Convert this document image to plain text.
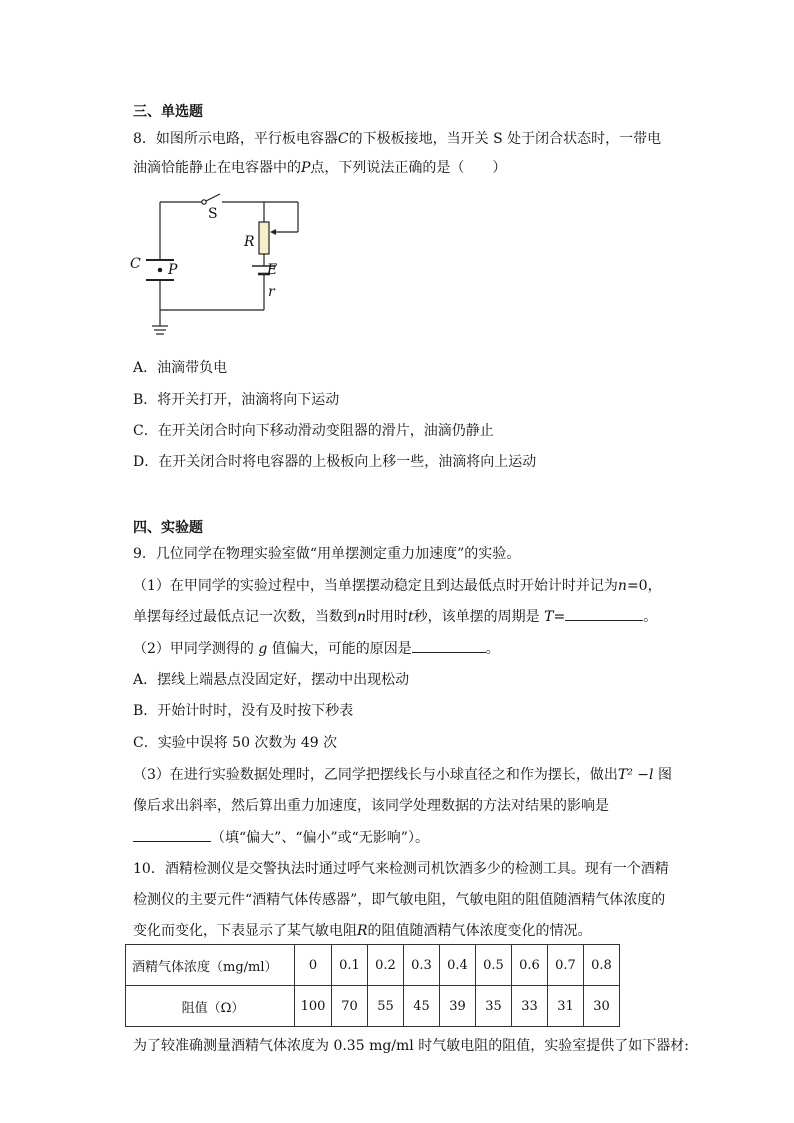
三、单选题
8．如图所示电路，平行板电容器C的下极板接地，当开关 S 处于闭合状态时，一带电
油滴恰能静止在电容器中的P点，下列说法正确的是（　　）
S
R
C P	E
r
A．油滴带负电
B．将开关打开，油滴将向下运动
C．在开关闭合时向下移动滑动变阻器的滑片，油滴仍静止
D．在开关闭合时将电容器的上极板向上移一些，油滴将向上运动
四、实验题
9．几位同学在物理实验室做“用单摆测定重力加速度”的实验。
（1）在甲同学的实验过程中，当单摆摆动稳定且到达最低点时开始计时并记为n=0，
单摆每经过最低点记一次数，当数到n时用时t秒，该单摆的周期是 T=	。
（2）甲同学测得的 g 值偏大，可能的原因是	。
A．摆线上端悬点没固定好，摆动中出现松动
B．开始计时时，没有及时按下秒表
C．实验中误将 50 次数为 49 次
（3）在进行实验数据处理时，乙同学把摆线长与小球直径之和作为摆长，做出T² −l 图
像后求出斜率，然后算出重力加速度，该同学处理数据的方法对结果的影响是
（填“偏大”、“偏小”或“无影响”）。
10．酒精检测仪是交警执法时通过呼气来检测司机饮酒多少的检测工具。现有一个酒精
检测仪的主要元件“酒精气体传感器”，即气敏电阻，气敏电阻的阻值随酒精气体浓度的
变化而变化，下表显示了某气敏电阻R的阻值随酒精气体浓度变化的情况。
酒精气体浓度（mg/ml）	0	0.1	0.2	0.3	0.4	0.5	0.6	0.7	0.8
阻值（Ω）	100	70	55	45	39	35	33	31	30
为了较准确测量酒精气体浓度为 0.35 mg/ml 时气敏电阻的阻值，实验室提供了如下器材:
